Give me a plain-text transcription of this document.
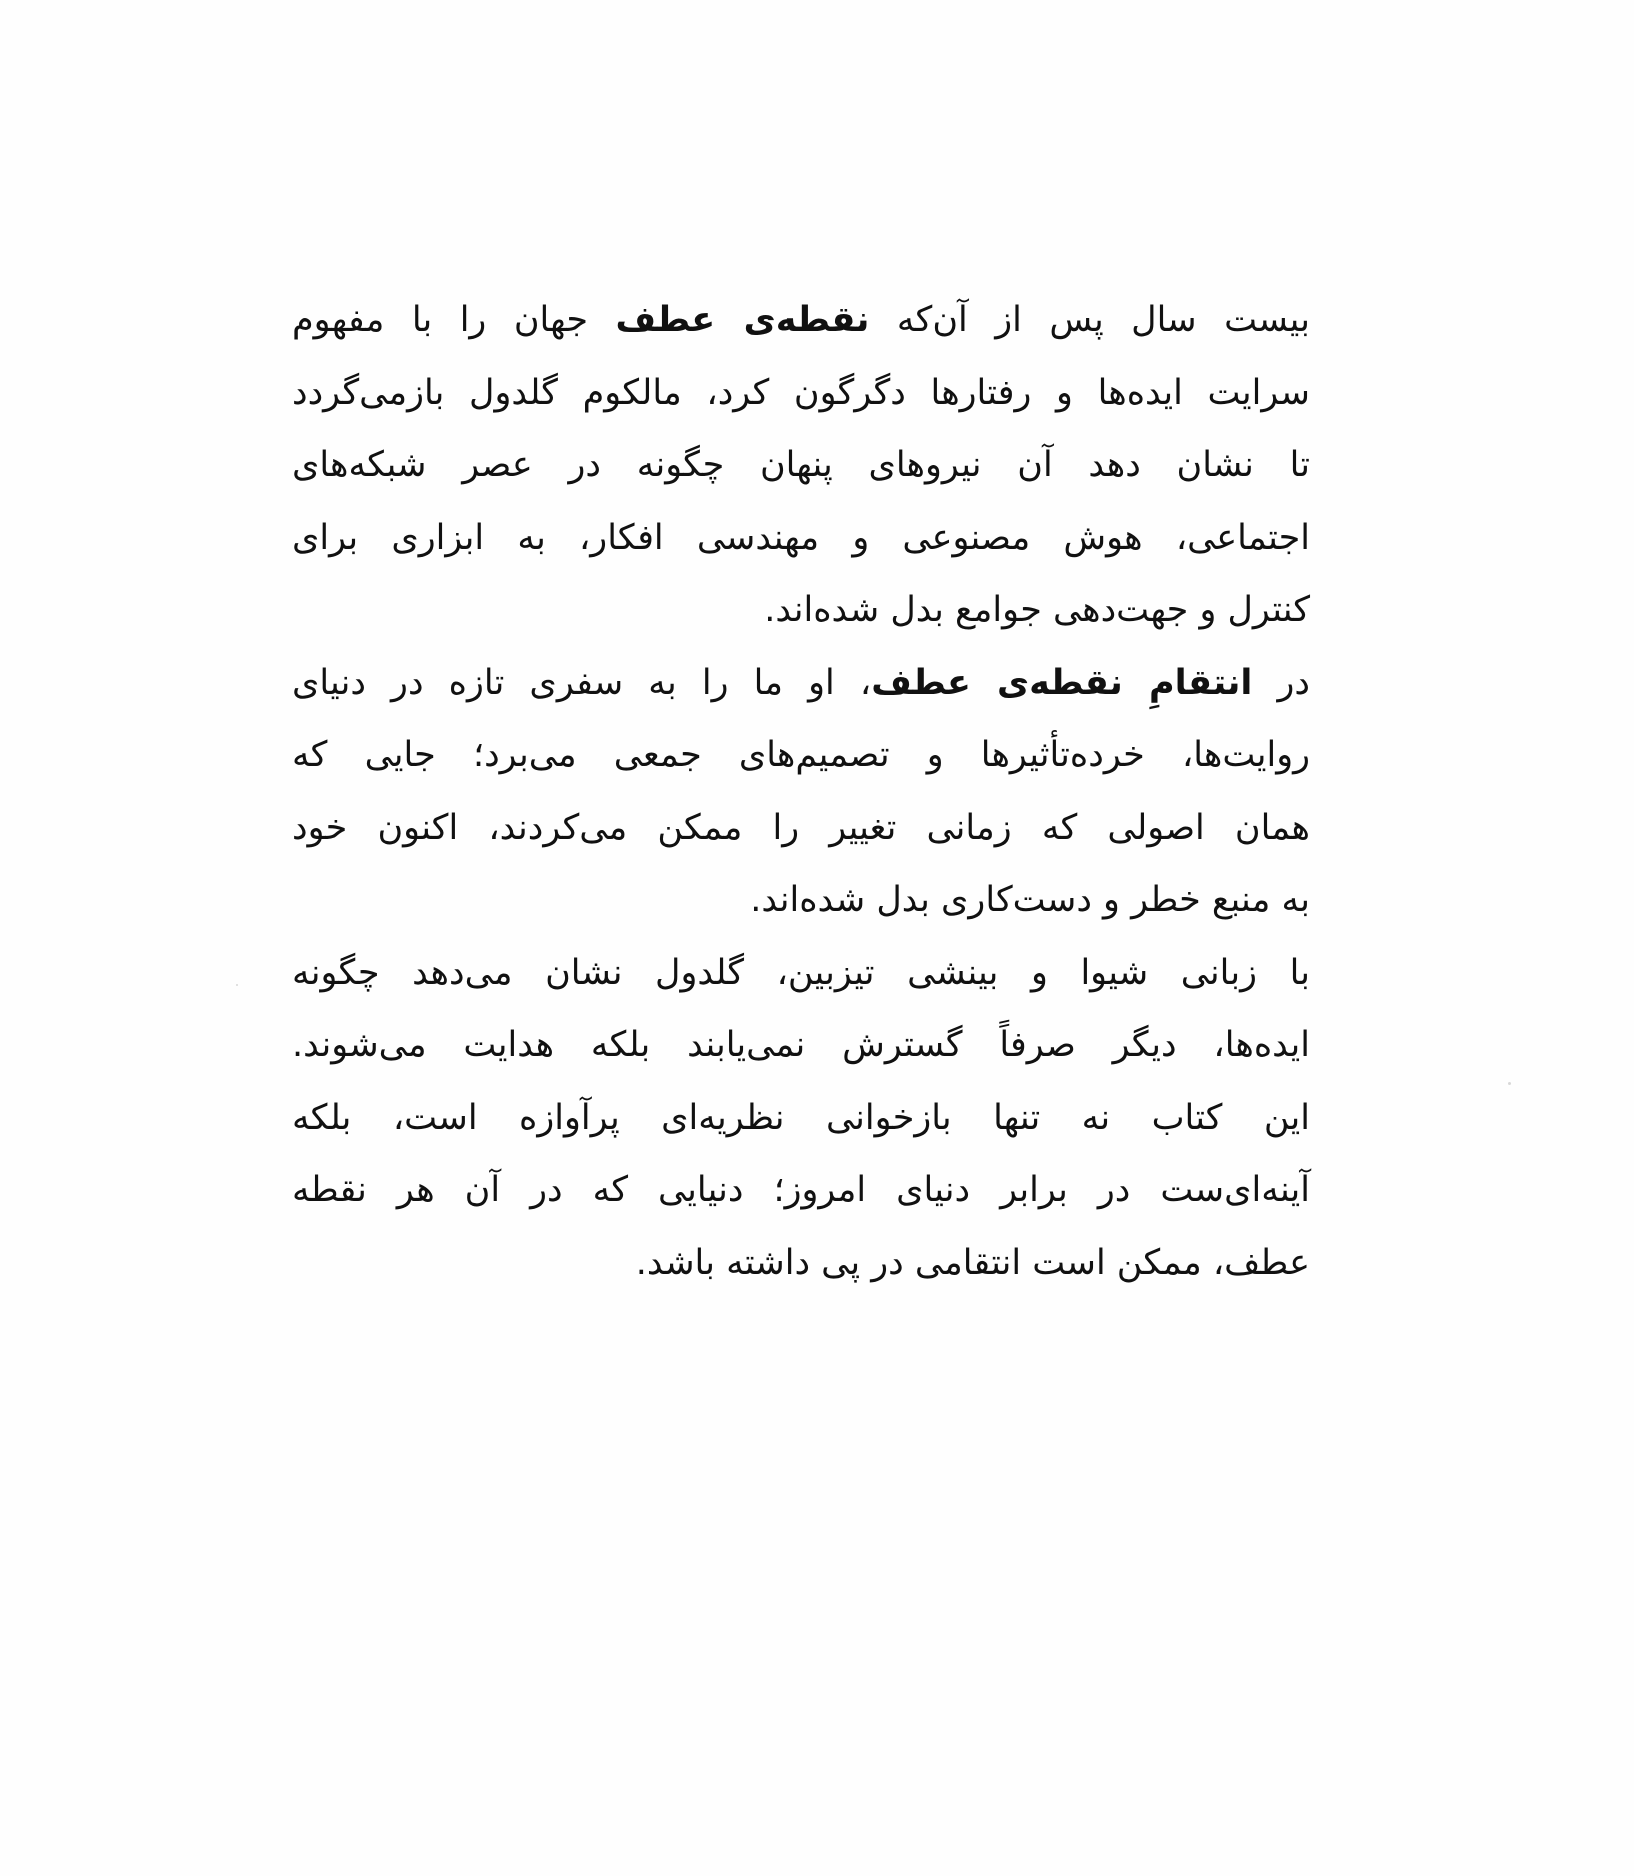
بیست سال پس از آن‌که نقطه‌ی عطف جهان را با مفهوم
سرایت ایده‌ها و رفتارها دگرگون کرد، مالکوم گلدول بازمی‌گردد
تا نشان دهد آن نیروهای پنهان چگونه در عصر شبکه‌های
اجتماعی، هوش مصنوعی و مهندسی افکار، به ابزاری برای
کنترل و جهت‌دهی جوامع بدل شده‌اند.
در انتقامِ نقطه‌ی عطف، او ما را به سفری تازه در دنیای
روایت‌ها، خرده‌تأثیرها و تصمیم‌های جمعی می‌برد؛ جایی که
همان اصولی که زمانی تغییر را ممکن می‌کردند، اکنون خود
به منبع خطر و دست‌کاری بدل شده‌اند.
با زبانی شیوا و بینشی تیزبین، گلدول نشان می‌دهد چگونه
ایده‌ها، دیگر صرفاً گسترش نمی‌یابند بلکه هدایت می‌شوند.
این کتاب نه تنها بازخوانی نظریه‌ای پرآوازه است، بلکه
آینه‌ای‌ست در برابر دنیای امروز؛ دنیایی که در آن هر نقطه
عطف، ممکن است انتقامی در پی داشته باشد.
